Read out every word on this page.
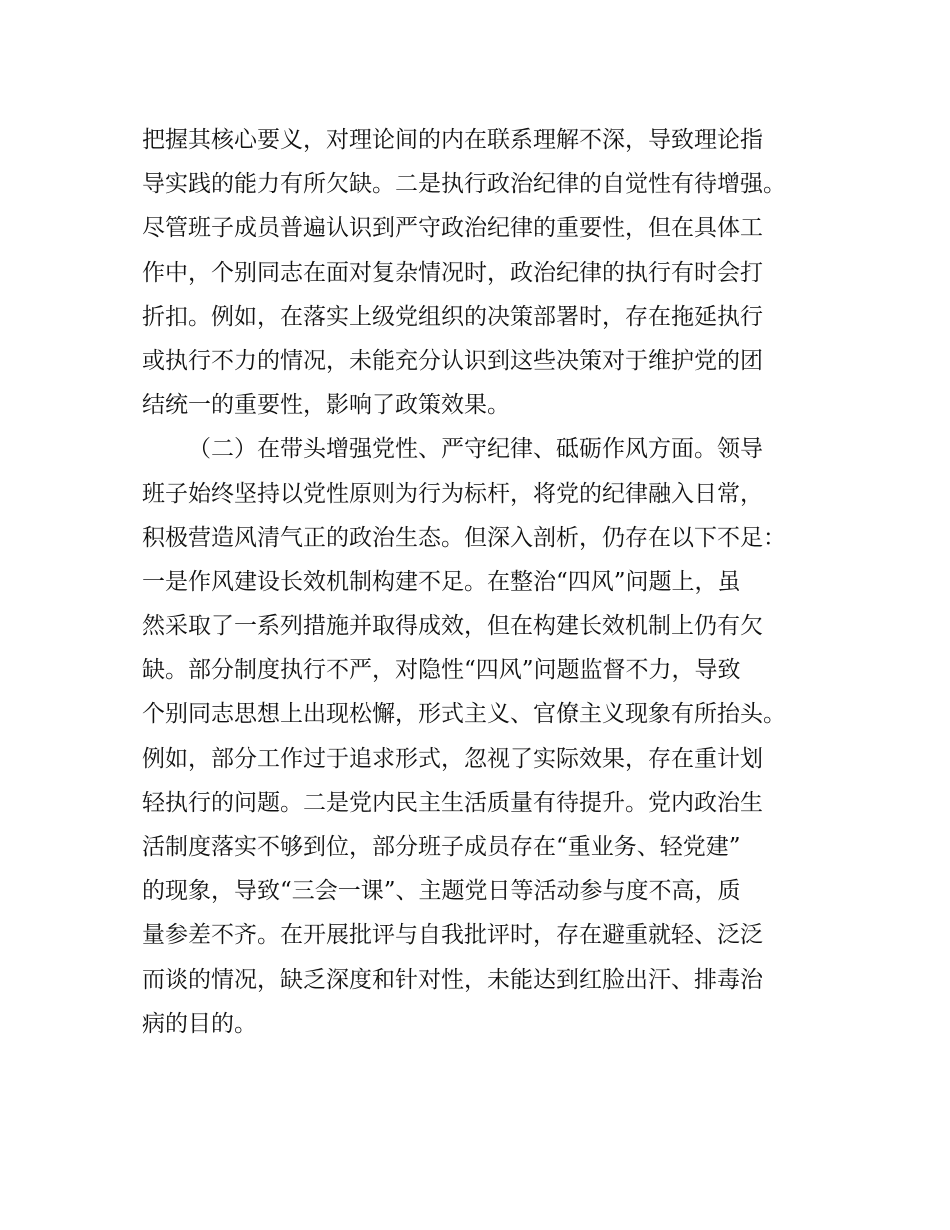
把握其核心要义，对理论间的内在联系理解不深，导致理论指
导实践的能力有所欠缺。二是执行政治纪律的自觉性有待增强。
尽管班子成员普遍认识到严守政治纪律的重要性，但在具体工
作中，个别同志在面对复杂情况时，政治纪律的执行有时会打
折扣。例如，在落实上级党组织的决策部署时，存在拖延执行
或执行不力的情况，未能充分认识到这些决策对于维护党的团
结统一的重要性，影响了政策效果。
（二）在带头增强党性、严守纪律、砥砺作风方面。领导
班子始终坚持以党性原则为行为标杆，将党的纪律融入日常，
积极营造风清气正的政治生态。但深入剖析，仍存在以下不足：
一是作风建设长效机制构建不足。在整治“四风”问题上，虽
然采取了一系列措施并取得成效，但在构建长效机制上仍有欠
缺。部分制度执行不严，对隐性“四风”问题监督不力，导致
个别同志思想上出现松懈，形式主义、官僚主义现象有所抬头。
例如，部分工作过于追求形式，忽视了实际效果，存在重计划
轻执行的问题。二是党内民主生活质量有待提升。党内政治生
活制度落实不够到位，部分班子成员存在“重业务、轻党建”
的现象，导致“三会一课”、主题党日等活动参与度不高，质
量参差不齐。在开展批评与自我批评时，存在避重就轻、泛泛
而谈的情况，缺乏深度和针对性，未能达到红脸出汗、排毒治
病的目的。
